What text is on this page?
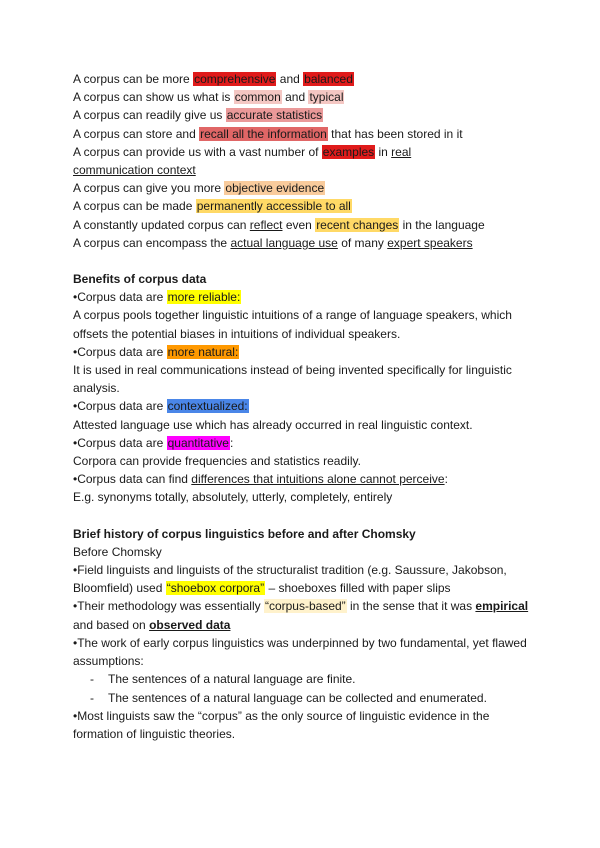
A corpus can be more comprehensive and balanced
A corpus can show us what is common and typical
A corpus can readily give us accurate statistics
A corpus can store and recall all the information that has been stored in it
A corpus can provide us with a vast number of examples in real
communication context
A corpus can give you more objective evidence
A corpus can be made permanently accessible to all
A constantly updated corpus can reflect even recent changes in the language
A corpus can encompass the actual language use of many expert speakers
Benefits of corpus data
•Corpus data are more reliable:
A corpus pools together linguistic intuitions of a range of language speakers, which offsets the potential biases in intuitions of individual speakers.
•Corpus data are more natural:
It is used in real communications instead of being invented specifically for linguistic analysis.
•Corpus data are contextualized:
Attested language use which has already occurred in real linguistic context.
•Corpus data are quantitative:
Corpora can provide frequencies and statistics readily.
•Corpus data can find differences that intuitions alone cannot perceive:
E.g. synonyms totally, absolutely, utterly, completely, entirely
Brief history of corpus linguistics before and after Chomsky
Before Chomsky
•Field linguists and linguists of the structuralist tradition (e.g. Saussure, Jakobson, Bloomfield) used “shoebox corpora” – shoeboxes filled with paper slips
•Their methodology was essentially “corpus-based” in the sense that it was empirical and based on observed data
•The work of early corpus linguistics was underpinned by two fundamental, yet flawed assumptions:
- The sentences of a natural language are finite.
- The sentences of a natural language can be collected and enumerated.
•Most linguists saw the “corpus” as the only source of linguistic evidence in the formation of linguistic theories.
